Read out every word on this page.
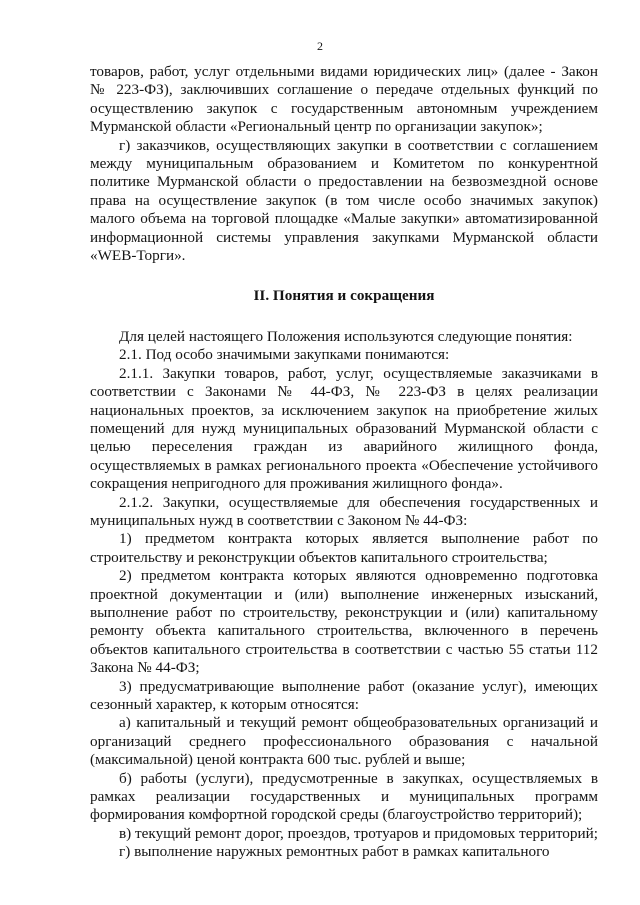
2

товаров, работ, услуг отдельными видами юридических лиц» (далее - Закон № 223-ФЗ), заключивших соглашение о передаче отдельных функций по осуществлению закупок с государственным автономным учреждением Мурманской области «Региональный центр по организации закупок»;

г) заказчиков, осуществляющих закупки в соответствии с соглашением между муниципальным образованием и Комитетом по конкурентной политике Мурманской области о предоставлении на безвозмездной основе права на осуществление закупок (в том числе особо значимых закупок) малого объема на торговой площадке «Малые закупки» автоматизированной информационной системы управления закупками Мурманской области «WEB-Торги».

II. Понятия и сокращения

Для целей настоящего Положения используются следующие понятия:

2.1. Под особо значимыми закупками понимаются:

2.1.1. Закупки товаров, работ, услуг, осуществляемые заказчиками в соответствии с Законами № 44-ФЗ, № 223-ФЗ в целях реализации национальных проектов, за исключением закупок на приобретение жилых помещений для нужд муниципальных образований Мурманской области с целью переселения граждан из аварийного жилищного фонда, осуществляемых в рамках регионального проекта «Обеспечение устойчивого сокращения непригодного для проживания жилищного фонда».

2.1.2. Закупки, осуществляемые для обеспечения государственных и муниципальных нужд в соответствии с Законом № 44-ФЗ:

1) предметом контракта которых является выполнение работ по строительству и реконструкции объектов капитального строительства;

2) предметом контракта которых являются одновременно подготовка проектной документации и (или) выполнение инженерных изысканий, выполнение работ по строительству, реконструкции и (или) капитальному ремонту объекта капитального строительства, включенного в перечень объектов капитального строительства в соответствии с частью 55 статьи 112 Закона № 44-ФЗ;

3) предусматривающие выполнение работ (оказание услуг), имеющих сезонный характер, к которым относятся:

а) капитальный и текущий ремонт общеобразовательных организаций и организаций среднего профессионального образования с начальной (максимальной) ценой контракта 600 тыс. рублей и выше;

б) работы (услуги), предусмотренные в закупках, осуществляемых в рамках реализации государственных и муниципальных программ формирования комфортной городской среды (благоустройство территорий);

в) текущий ремонт дорог, проездов, тротуаров и придомовых территорий;

г) выполнение наружных ремонтных работ в рамках капитального
